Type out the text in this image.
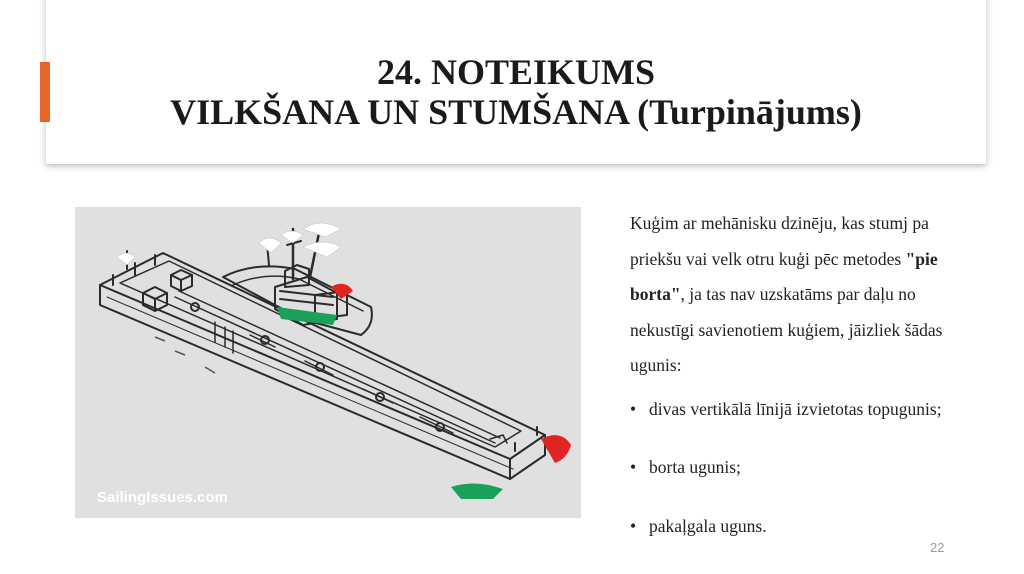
24. NOTEIKUMS
VILKŠANA UN STUMŠANA (Turpinājums)
SailingIssues.com

Kuģim ar mehānisku dzinēju, kas stumj pa priekšu vai velk otru kuģi pēc metodes "pie borta", ja tas nav uzskatāms par daļu no nekustīgi savienotiem kuģiem, jāizliek šādas ugunis:

• divas vertikālā līnijā izvietotas topugunis;
• borta ugunis;
• pakaļgala uguns.
22
